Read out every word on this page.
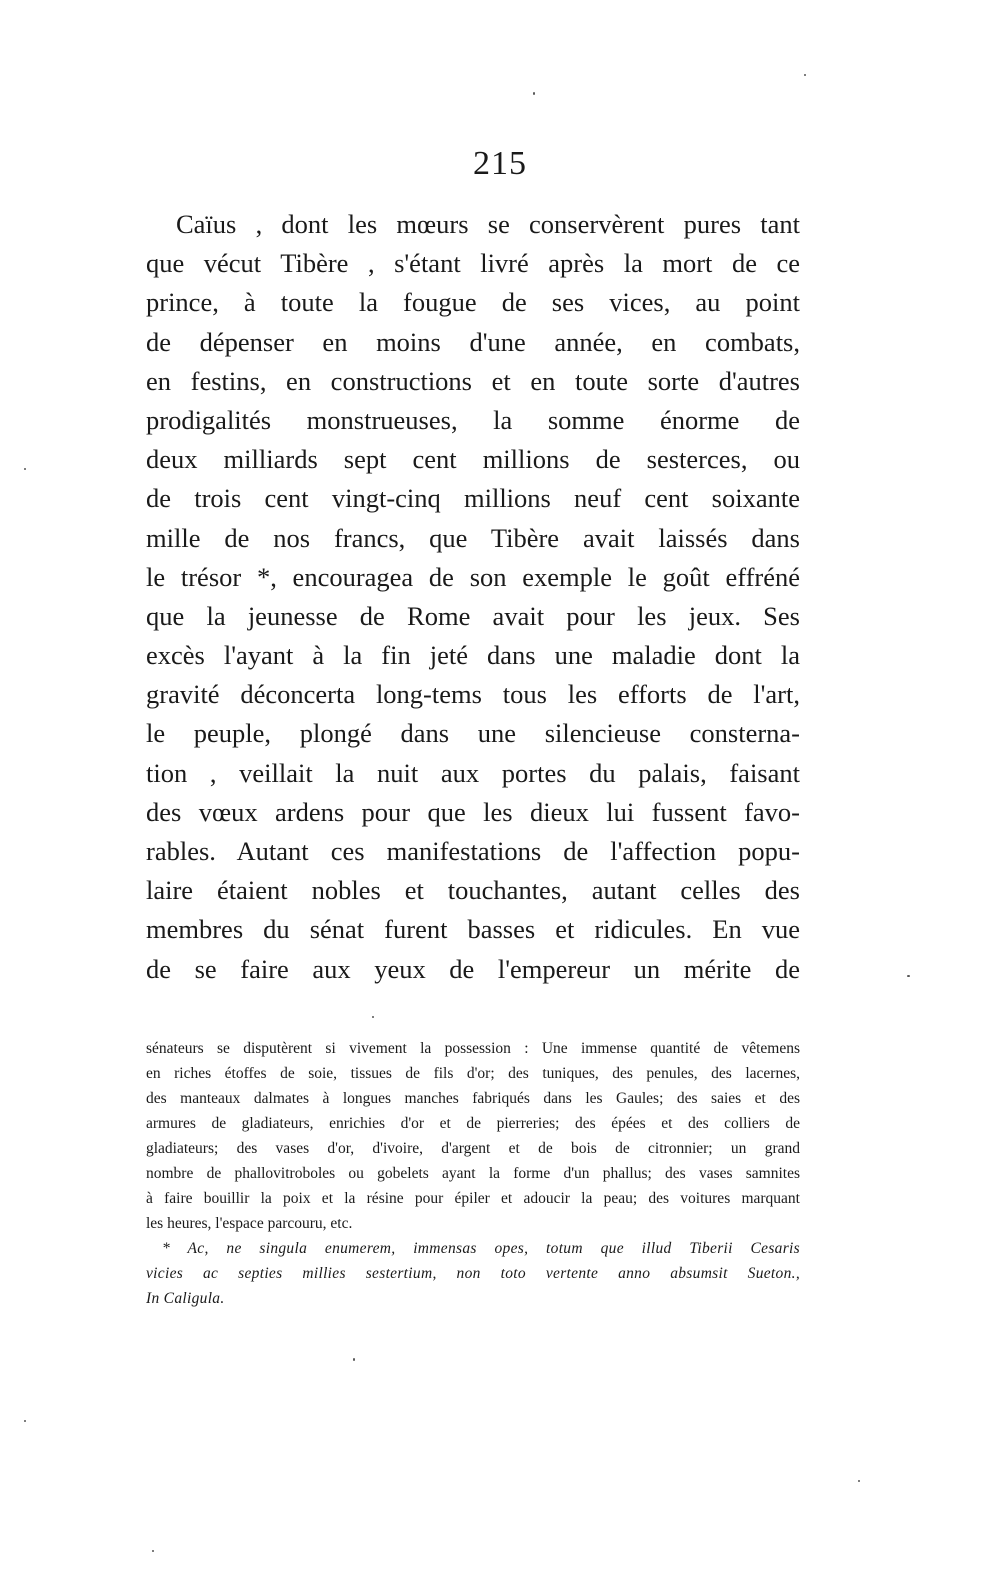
215
Caïus , dont les mœurs se conservèrent pures tant
que vécut Tibère , s'étant livré après la mort de ce
prince, à toute la fougue de ses vices, au point
de dépenser en moins d'une année, en combats,
en festins, en constructions et en toute sorte d'autres
prodigalités monstrueuses, la somme énorme de
deux milliards sept cent millions de sesterces, ou
de trois cent vingt-cinq millions neuf cent soixante
mille de nos francs, que Tibère avait laissés dans
le trésor *, encouragea de son exemple le goût effréné
que la jeunesse de Rome avait pour les jeux. Ses
excès l'ayant à la fin jeté dans une maladie dont la
gravité déconcerta long-tems tous les efforts de l'art,
le peuple, plongé dans une silencieuse consterna-
tion , veillait la nuit aux portes du palais, faisant
des vœux ardens pour que les dieux lui fussent favo-
rables. Autant ces manifestations de l'affection popu-
laire étaient nobles et touchantes, autant celles des
membres du sénat furent basses et ridicules. En vue
de se faire aux yeux de l'empereur un mérite de
sénateurs se disputèrent si vivement la possession : Une immense quantité de vêtemens
en riches étoffes de soie, tissues de fils d'or; des tuniques, des penules, des lacernes,
des manteaux dalmates à longues manches fabriqués dans les Gaules; des saies et des
armures de gladiateurs, enrichies d'or et de pierreries; des épées et des colliers de
gladiateurs; des vases d'or, d'ivoire, d'argent et de bois de citronnier; un grand
nombre de phallovitroboles ou gobelets ayant la forme d'un phallus; des vases samnites
à faire bouillir la poix et la résine pour épiler et adoucir la peau; des voitures marquant
les heures, l'espace parcouru, etc.
* Ac, ne singula enumerem, immensas opes, totum que illud Tiberii Cesaris
vicies ac septies millies sestertium, non toto vertente anno absumsit Sueton.,
In Caligula.
